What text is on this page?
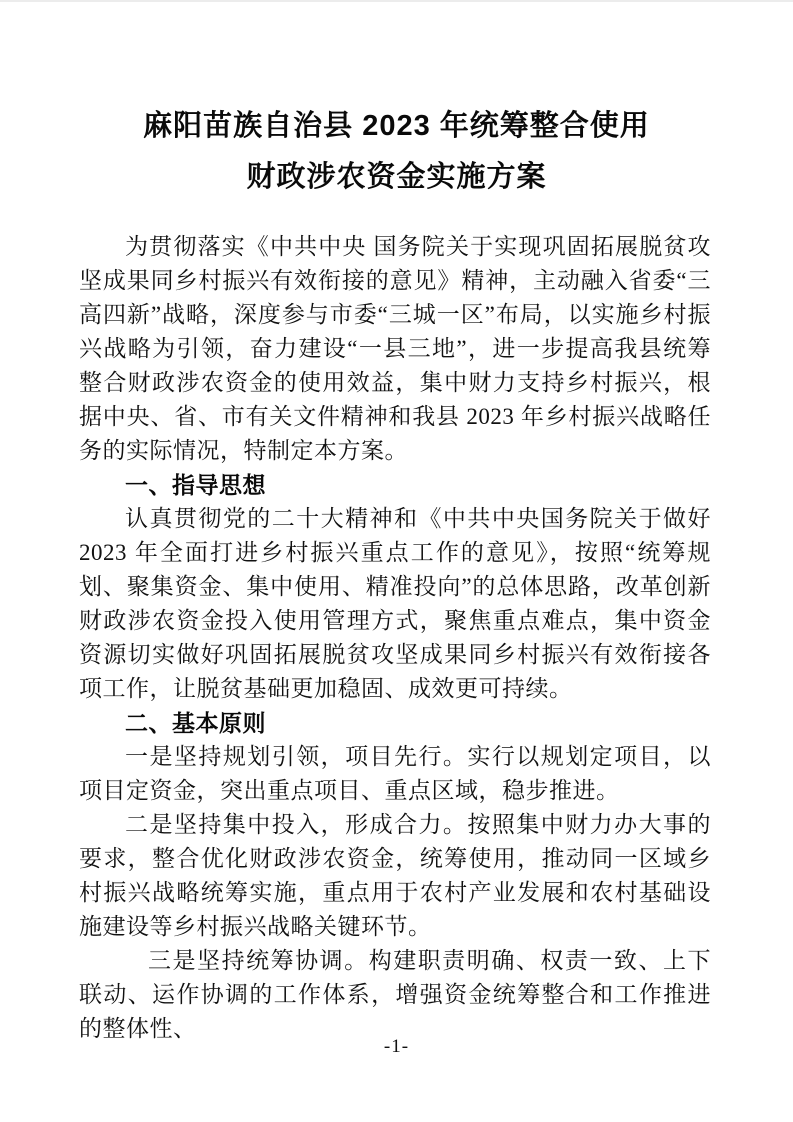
麻阳苗族自治县 2023 年统筹整合使用
财政涉农资金实施方案

为贯彻落实《中共中央 国务院关于实现巩固拓展脱贫攻坚成果同乡村振兴有效衔接的意见》精神，主动融入省委“三高四新”战略，深度参与市委“三城一区”布局，以实施乡村振兴战略为引领，奋力建设“一县三地”，进一步提高我县统筹整合财政涉农资金的使用效益，集中财力支持乡村振兴，根据中央、省、市有关文件精神和我县 2023 年乡村振兴战略任务的实际情况，特制定本方案。

一、指导思想

认真贯彻党的二十大精神和《中共中央国务院关于做好 2023 年全面打进乡村振兴重点工作的意见》，按照“统筹规划、聚集资金、集中使用、精准投向”的总体思路，改革创新财政涉农资金投入使用管理方式，聚焦重点难点，集中资金资源切实做好巩固拓展脱贫攻坚成果同乡村振兴有效衔接各项工作，让脱贫基础更加稳固、成效更可持续。

二、基本原则

一是坚持规划引领，项目先行。实行以规划定项目，以项目定资金，突出重点项目、重点区域，稳步推进。

二是坚持集中投入，形成合力。按照集中财力办大事的要求，整合优化财政涉农资金，统筹使用，推动同一区域乡村振兴战略统筹实施，重点用于农村产业发展和农村基础设施建设等乡村振兴战略关键环节。

三是坚持统筹协调。构建职责明确、权责一致、上下联动、运作协调的工作体系，增强资金统筹整合和工作推进的整体性、

-1-
